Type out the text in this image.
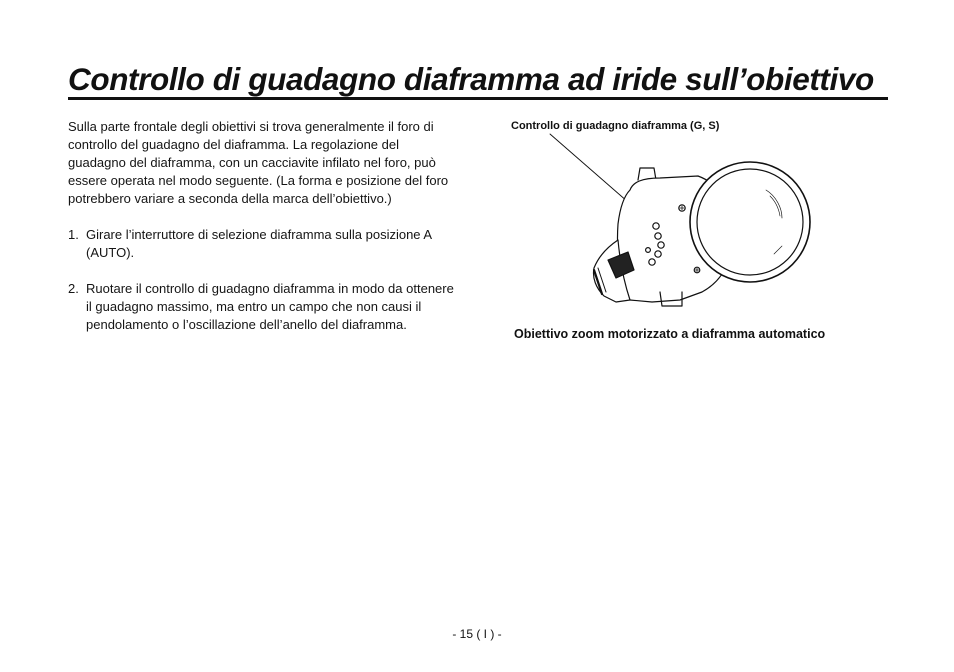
Controllo di guadagno diaframma ad iride sull’obiettivo

Sulla parte frontale degli obiettivi si trova generalmente il foro di controllo del guadagno del diaframma. La regolazione del guadagno del diaframma, con un cacciavite infilato nel foro, può essere operata nel modo seguente. (La forma e posizione del foro potrebbero variare a seconda della marca dell’obiettivo.)

1. Girare l’interruttore di selezione diaframma sulla posizione A (AUTO).
2. Ruotare il controllo di guadagno diaframma in modo da ottenere il guadagno massimo, ma entro un campo che non causi il pendolamento o l’oscillazione dell’anello del diaframma.
Controllo di guadagno diaframma (G, S)
Obiettivo zoom motorizzato a diaframma automatico
- 15 ( I ) -
